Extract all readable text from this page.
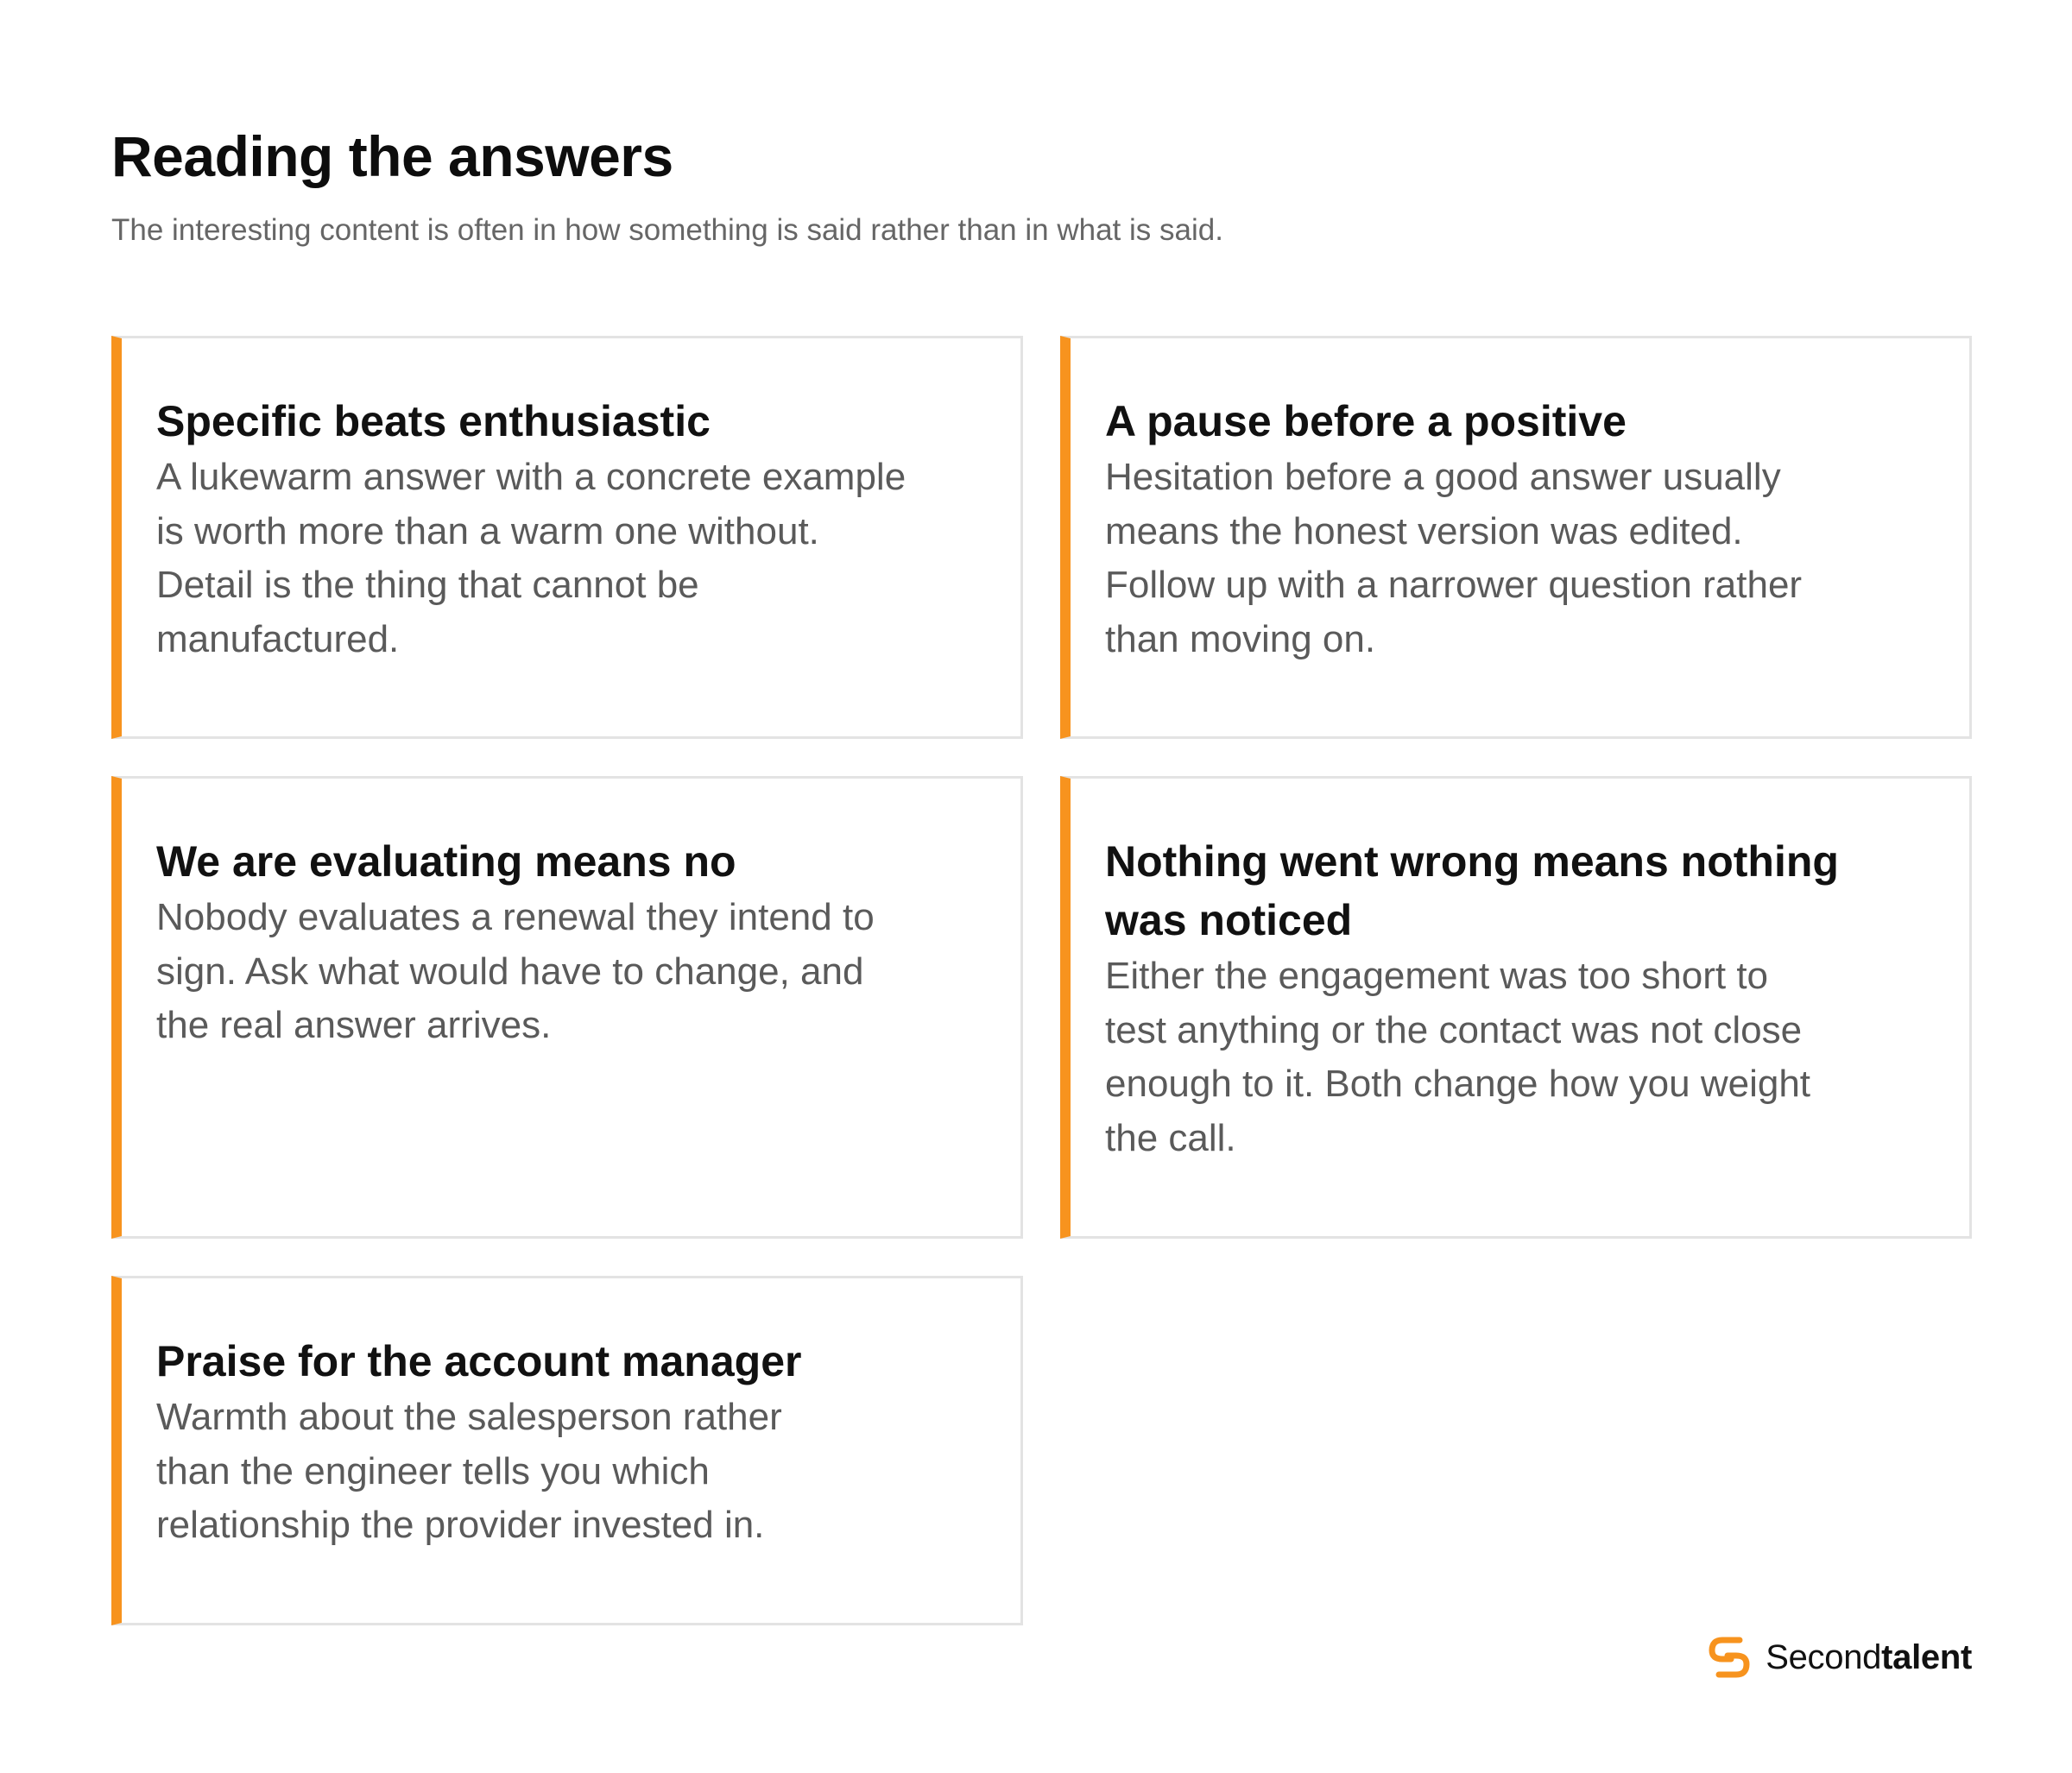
Reading the answers

The interesting content is often in how something is said rather than in what is said.

Specific beats enthusiastic

A lukewarm answer with a concrete example is worth more than a warm one without. Detail is the thing that cannot be manufactured.

A pause before a positive

Hesitation before a good answer usually means the honest version was edited. Follow up with a narrower question rather than moving on.

We are evaluating means no

Nobody evaluates a renewal they intend to sign. Ask what would have to change, and the real answer arrives.

Nothing went wrong means nothing was noticed

Either the engagement was too short to test anything or the contact was not close enough to it. Both change how you weight the call.

Praise for the account manager

Warmth about the salesperson rather than the engineer tells you which relationship the provider invested in.

Secondtalent
